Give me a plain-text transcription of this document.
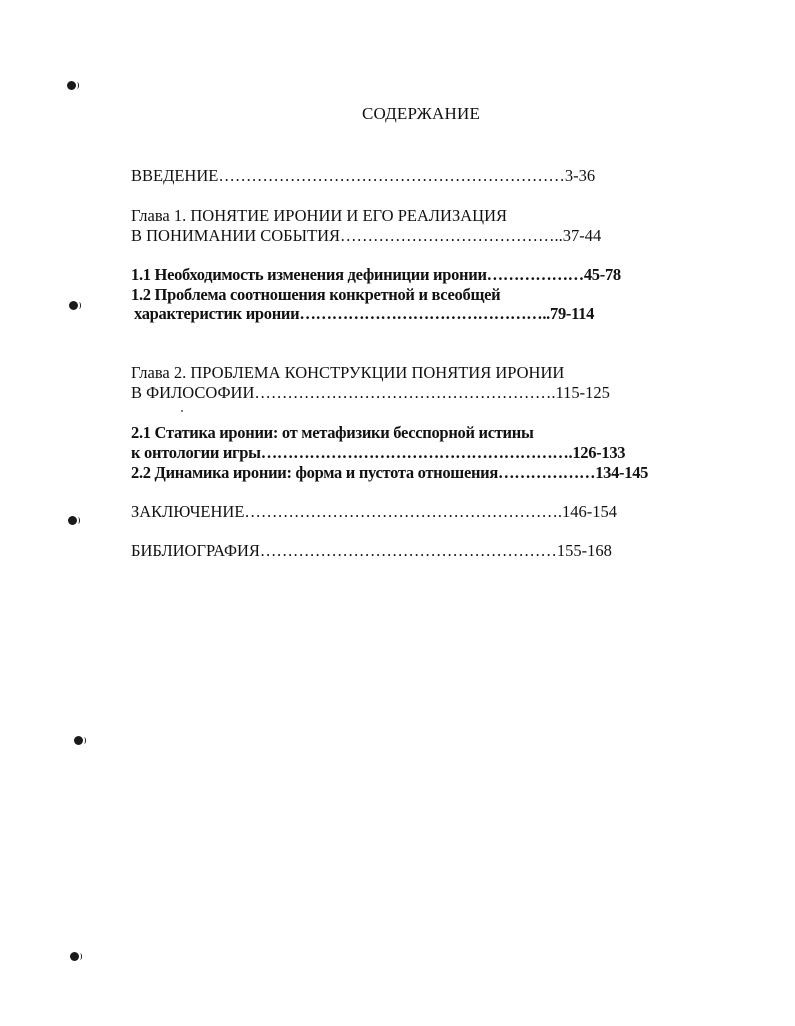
СОДЕРЖАНИЕ
ВВЕДЕНИЕ………………………………………………………3-36
Глава 1. ПОНЯТИЕ ИРОНИИ И ЕГО РЕАЛИЗАЦИЯ
В ПОНИМАНИИ СОБЫТИЯ…………………………………..37-44
1.1 Необходимость изменения дефиниции иронии………………45-78
1.2 Проблема соотношения конкретной и всеобщей
характеристик иронии………………………………………..79-114
Глава 2. ПРОБЛЕМА КОНСТРУКЦИИ ПОНЯТИЯ ИРОНИИ
В ФИЛОСОФИИ……………………………………………….115-125
2.1 Статика иронии: от метафизики бесспорной истины
к онтологии игры………………………………………………….126-133
2.2 Динамика иронии: форма и пустота отношения………………134-145
ЗАКЛЮЧЕНИЕ………………………………………………….146-154
БИБЛИОГРАФИЯ………………………………………………155-168
